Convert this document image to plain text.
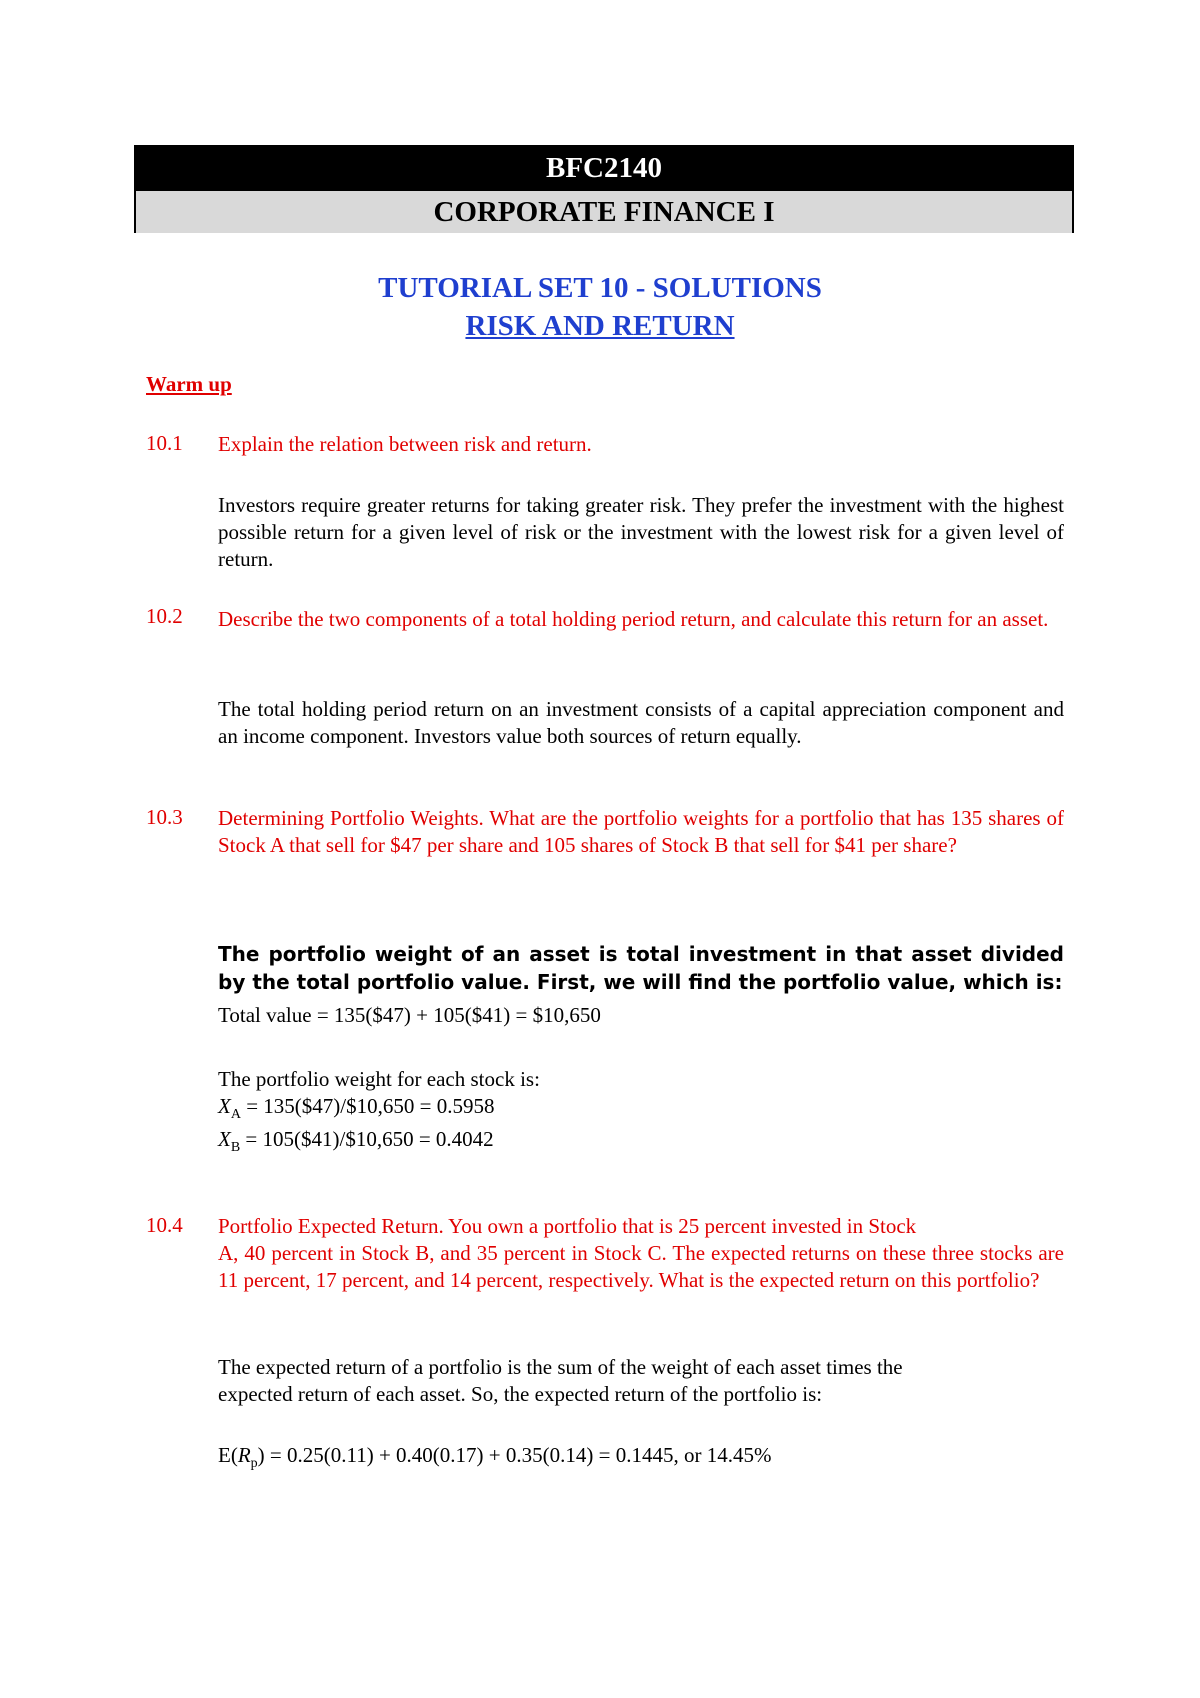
BFC2140
CORPORATE FINANCE I
TUTORIAL SET 10 - SOLUTIONS
RISK AND RETURN
Warm up
10.1 Explain the relation between risk and return.
Investors require greater returns for taking greater risk. They prefer the investment with the highest possible return for a given level of risk or the investment with the lowest risk for a given level of return.
10.2 Describe the two components of a total holding period return, and calculate this return for an asset.
The total holding period return on an investment consists of a capital appreciation component and an income component. Investors value both sources of return equally.
10.3 Determining Portfolio Weights. What are the portfolio weights for a portfolio that has 135 shares of Stock A that sell for $47 per share and 105 shares of Stock B that sell for $41 per share?
The portfolio weight of an asset is total investment in that asset divided by the total portfolio value. First, we will find the portfolio value, which is:
Total value = 135($47) + 105($41) = $10,650
The portfolio weight for each stock is:
$X_A$ = 135($47)/$10,650 = 0.5958
$X_B$ = 105($41)/$10,650 = 0.4042
10.4 Portfolio Expected Return. You own a portfolio that is 25 percent invested in Stock
A, 40 percent in Stock B, and 35 percent in Stock C. The expected returns on these three stocks are 11 percent, 17 percent, and 14 percent, respectively. What is the expected return on this portfolio?
The expected return of a portfolio is the sum of the weight of each asset times the
expected return of each asset. So, the expected return of the portfolio is:
$E(R_p) = 0.25(0.11) + 0.40(0.17) + 0.35(0.14) = 0.1445$, or 14.45%
